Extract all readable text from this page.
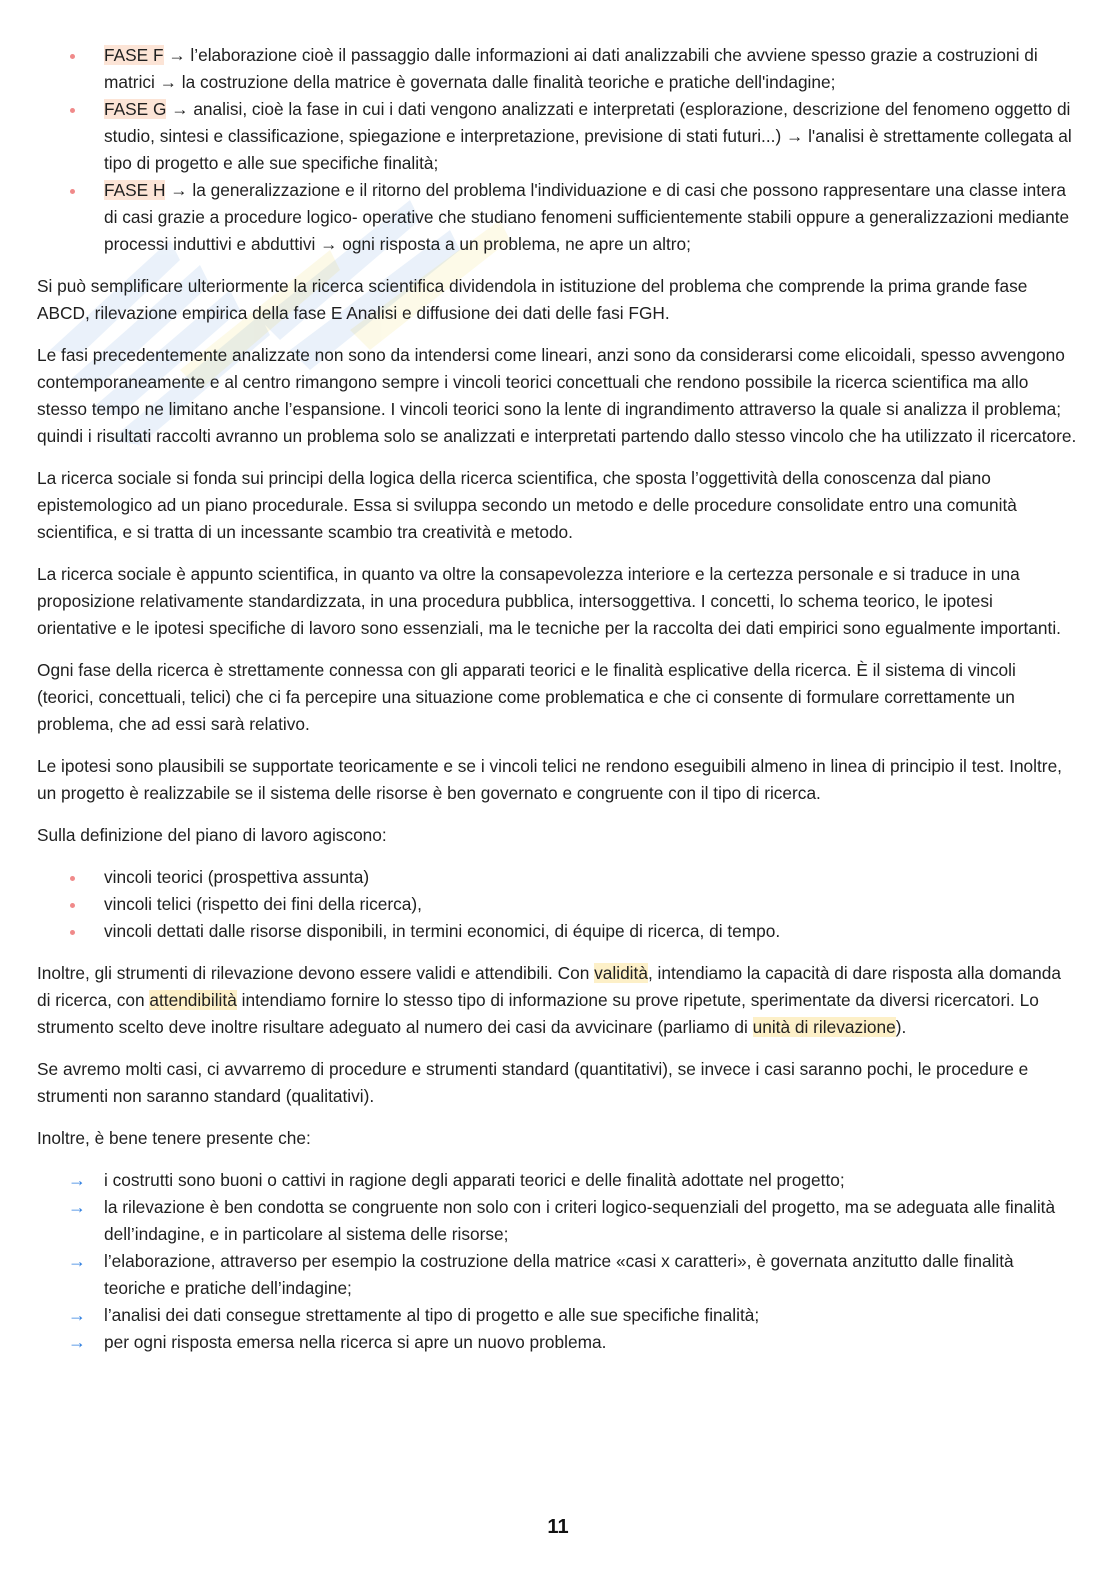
FASE F → l’elaborazione cioè il passaggio dalle informazioni ai dati analizzabili che avviene spesso grazie a costruzioni di matrici → la costruzione della matrice è governata dalle finalità teoriche e pratiche dell'indagine;
FASE G → analisi, cioè la fase in cui i dati vengono analizzati e interpretati (esplorazione, descrizione del fenomeno oggetto di studio, sintesi e classificazione, spiegazione e interpretazione, previsione di stati futuri...) → l'analisi è strettamente collegata al tipo di progetto e alle sue specifiche finalità;
FASE H → la generalizzazione e il ritorno del problema l'individuazione e di casi che possono rappresentare una classe intera di casi grazie a procedure logico- operative che studiano fenomeni sufficientemente stabili oppure a generalizzazioni mediante processi induttivi e abduttivi → ogni risposta a un problema, ne apre un altro;

Si può semplificare ulteriormente la ricerca scientifica dividendola in istituzione del problema che comprende la prima grande fase ABCD, rilevazione empirica della fase E Analisi e diffusione dei dati delle fasi FGH.

Le fasi precedentemente analizzate non sono da intendersi come lineari, anzi sono da considerarsi come elicoidali, spesso avvengono contemporaneamente e al centro rimangono sempre i vincoli teorici concettuali che rendono possibile la ricerca scientifica ma allo stesso tempo ne limitano anche l’espansione. I vincoli teorici sono la lente di ingrandimento attraverso la quale si analizza il problema; quindi i risultati raccolti avranno un problema solo se analizzati e interpretati partendo dallo stesso vincolo che ha utilizzato il ricercatore.

La ricerca sociale si fonda sui principi della logica della ricerca scientifica, che sposta l’oggettività della conoscenza dal piano epistemologico ad un piano procedurale. Essa si sviluppa secondo un metodo e delle procedure consolidate entro una comunità scientifica, e si tratta di un incessante scambio tra creatività e metodo.

La ricerca sociale è appunto scientifica, in quanto va oltre la consapevolezza interiore e la certezza personale e si traduce in una proposizione relativamente standardizzata, in una procedura pubblica, intersoggettiva. I concetti, lo schema teorico, le ipotesi orientative e le ipotesi specifiche di lavoro sono essenziali, ma le tecniche per la raccolta dei dati empirici sono egualmente importanti.

Ogni fase della ricerca è strettamente connessa con gli apparati teorici e le finalità esplicative della ricerca. È il sistema di vincoli (teorici, concettuali, telici) che ci fa percepire una situazione come problematica e che ci consente di formulare correttamente un problema, che ad essi sarà relativo.

Le ipotesi sono plausibili se supportate teoricamente e se i vincoli telici ne rendono eseguibili almeno in linea di principio il test. Inoltre, un progetto è realizzabile se il sistema delle risorse è ben governato e congruente con il tipo di ricerca.

Sulla definizione del piano di lavoro agiscono:

vincoli teorici (prospettiva assunta)
vincoli telici (rispetto dei fini della ricerca),
vincoli dettati dalle risorse disponibili, in termini economici, di équipe di ricerca, di tempo.

Inoltre, gli strumenti di rilevazione devono essere validi e attendibili. Con validità, intendiamo la capacità di dare risposta alla domanda di ricerca, con attendibilità intendiamo fornire lo stesso tipo di informazione su prove ripetute, sperimentate da diversi ricercatori. Lo strumento scelto deve inoltre risultare adeguato al numero dei casi da avvicinare (parliamo di unità di rilevazione).

Se avremo molti casi, ci avvarremo di procedure e strumenti standard (quantitativi), se invece i casi saranno pochi, le procedure e strumenti non saranno standard (qualitativi).

Inoltre, è bene tenere presente che:

→ i costrutti sono buoni o cattivi in ragione degli apparati teorici e delle finalità adottate nel progetto;
→ la rilevazione è ben condotta se congruente non solo con i criteri logico-sequenziali del progetto, ma se adeguata alle finalità dell’indagine, e in particolare al sistema delle risorse;
→ l’elaborazione, attraverso per esempio la costruzione della matrice «casi x caratteri», è governata anzitutto dalle finalità teoriche e pratiche dell’indagine;
→ l’analisi dei dati consegue strettamente al tipo di progetto e alle sue specifiche finalità;
→ per ogni risposta emersa nella ricerca si apre un nuovo problema.
11
